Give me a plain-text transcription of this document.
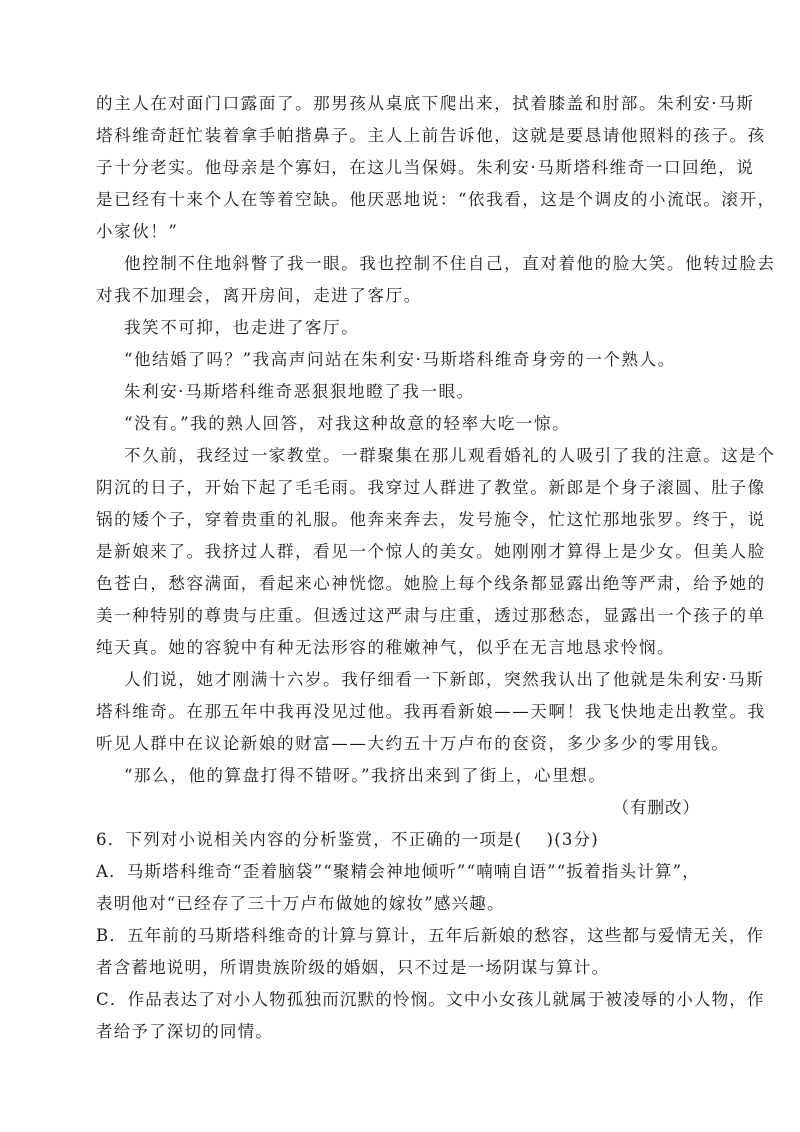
的主人在对面门口露面了。那男孩从桌底下爬出来，拭着膝盖和肘部。朱利安·马斯
塔科维奇赶忙装着拿手帕揩鼻子。主人上前告诉他，这就是要恳请他照料的孩子。孩
子十分老实。他母亲是个寡妇，在这儿当保姆。朱利安·马斯塔科维奇一口回绝，说
是已经有十来个人在等着空缺。他厌恶地说：“依我看，这是个调皮的小流氓。滚开，
小家伙！”
他控制不住地斜瞥了我一眼。我也控制不住自己，直对着他的脸大笑。他转过脸去
对我不加理会，离开房间，走进了客厅。
我笑不可抑，也走进了客厅。
“他结婚了吗？”我高声问站在朱利安·马斯塔科维奇身旁的一个熟人。
朱利安·马斯塔科维奇恶狠狠地瞪了我一眼。
“没有。”我的熟人回答，对我这种故意的轻率大吃一惊。
不久前，我经过一家教堂。一群聚集在那儿观看婚礼的人吸引了我的注意。这是个
阴沉的日子，开始下起了毛毛雨。我穿过人群进了教堂。新郎是个身子滚圆、肚子像
锅的矮个子，穿着贵重的礼服。他奔来奔去，发号施令，忙这忙那地张罗。终于，说
是新娘来了。我挤过人群，看见一个惊人的美女。她刚刚才算得上是少女。但美人脸
色苍白，愁容满面，看起来心神恍惚。她脸上每个线条都显露出绝等严肃，给予她的
美一种特别的尊贵与庄重。但透过这严肃与庄重，透过那愁态，显露出一个孩子的单
纯天真。她的容貌中有种无法形容的稚嫩神气，似乎在无言地恳求怜悯。
人们说，她才刚满十六岁。我仔细看一下新郎，突然我认出了他就是朱利安·马斯
塔科维奇。在那五年中我再没见过他。我再看新娘——天啊！我飞快地走出教堂。我
听见人群中在议论新娘的财富——大约五十万卢布的奁资，多少多少的零用钱。
“那么，他的算盘打得不错呀。”我挤出来到了街上，心里想。
（有删改）
6．下列对小说相关内容的分析鉴赏，不正确的一项是(　 )(3分)
A．马斯塔科维奇“歪着脑袋”“聚精会神地倾听”“喃喃自语”“扳着指头计算”，
表明他对“已经存了三十万卢布做她的嫁妆”感兴趣。
B．五年前的马斯塔科维奇的计算与算计，五年后新娘的愁容，这些都与爱情无关，作
者含蓄地说明，所谓贵族阶级的婚姻，只不过是一场阴谋与算计。
C．作品表达了对小人物孤独而沉默的怜悯。文中小女孩儿就属于被凌辱的小人物，作
者给予了深切的同情。
